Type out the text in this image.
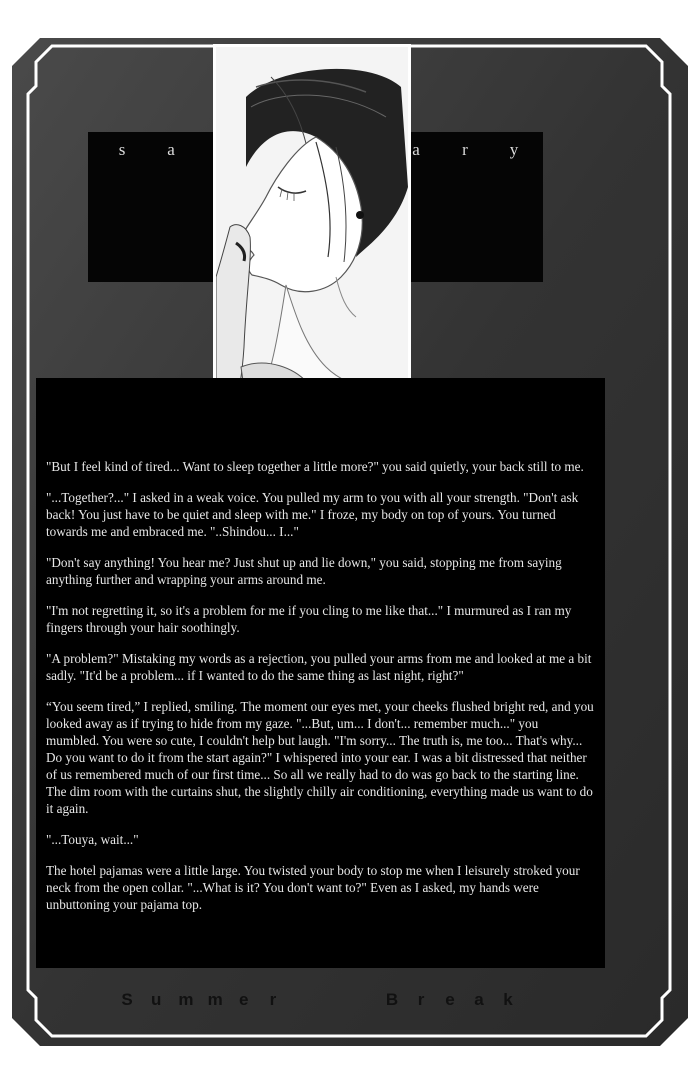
s	a	a	r	y

"But I feel kind of tired... Want to sleep together a little more?" you said quietly, your back still to me.

"...Together?..." I asked in a weak voice. You pulled my arm to you with all your strength. "Don't ask back! You just have to be quiet and sleep with me." I froze, my body on top of yours. You turned towards me and embraced me. "..Shindou... I..."

"Don't say anything! You hear me? Just shut up and lie down," you said, stopping me from saying anything further and wrapping your arms around me.

"I'm not regretting it, so it's a problem for me if you cling to me like that..." I murmured as I ran my fingers through your hair soothingly.

"A problem?" Mistaking my words as a rejection, you pulled your arms from me and looked at me a bit sadly. "It'd be a problem... if I wanted to do the same thing as last night, right?"

“You seem tired,” I replied, smiling. The moment our eyes met, your cheeks flushed bright red, and you looked away as if trying to hide from my gaze. "...But, um... I don't... remember much..." you mumbled. You were so cute, I couldn't help but laugh. "I'm sorry... The truth is, me too... That's why... Do you want to do it from the start again?" I whispered into your ear. I was a bit distressed that neither of us remembered much of our first time... So all we really had to do was go back to the starting line. The dim room with the curtains shut, the slightly chilly air conditioning, everything made us want to do it again.

"...Touya, wait..."

The hotel pajamas were a little large. You twisted your body to stop me when I leisurely stroked your neck from the open collar. "...What is it? You don't want to?" Even as I asked, my hands were unbuttoning your pajama top.

S u m m e r	B r e a k
